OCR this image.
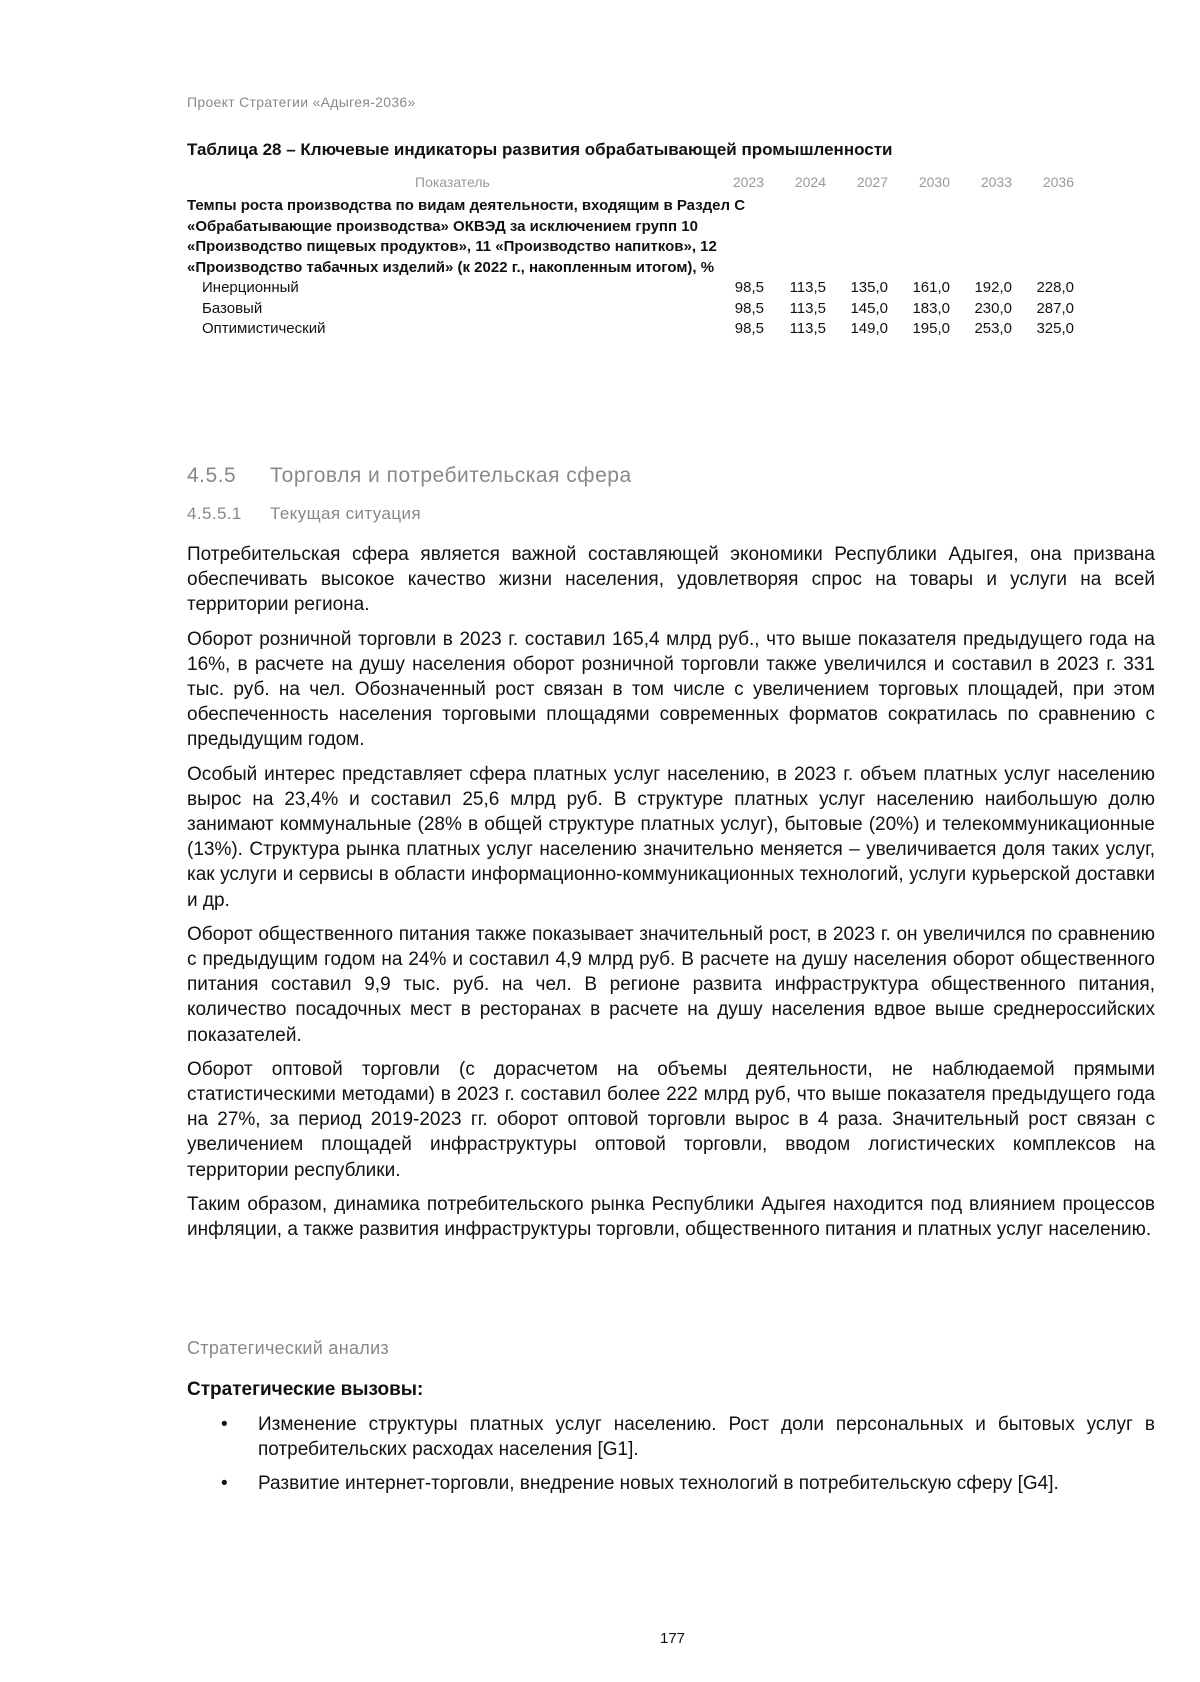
Проект Стратегии «Адыгея-2036»
Таблица 28 – Ключевые индикаторы развития обрабатывающей промышленности
Показатель	2023	2024	2027	2030	2033	2036
Темпы роста производства по видам деятельности, входящим в Раздел С «Обрабатывающие производства» ОКВЭД за исключением групп 10 «Производство пищевых продуктов», 11 «Производство напитков», 12 «Производство табачных изделий» (к 2022 г., накопленным итогом), %
Инерционный	98,5	113,5	135,0	161,0	192,0	228,0
Базовый	98,5	113,5	145,0	183,0	230,0	287,0
Оптимистический	98,5	113,5	149,0	195,0	253,0	325,0
4.5.5 Торговля и потребительская сфера
4.5.5.1 Текущая ситуация

Потребительская сфера является важной составляющей экономики Республики Адыгея, она призвана обеспечивать высокое качество жизни населения, удовлетворяя спрос на товары и услуги на всей территории региона.

Оборот розничной торговли в 2023 г. составил 165,4 млрд руб., что выше показателя предыдущего года на 16%, в расчете на душу населения оборот розничной торговли также увеличился и составил в 2023 г. 331 тыс. руб. на чел. Обозначенный рост связан в том числе с увеличением торговых площадей, при этом обеспеченность населения торговыми площадями современных форматов сократилась по сравнению с предыдущим годом.

Особый интерес представляет сфера платных услуг населению, в 2023 г. объем платных услуг населению вырос на 23,4% и составил 25,6 млрд руб. В структуре платных услуг населению наибольшую долю занимают коммунальные (28% в общей структуре платных услуг), бытовые (20%) и телекоммуникационные (13%). Структура рынка платных услуг населению значительно меняется – увеличивается доля таких услуг, как услуги и сервисы в области информационно-коммуникационных технологий, услуги курьерской доставки и др.

Оборот общественного питания также показывает значительный рост, в 2023 г. он увеличился по сравнению с предыдущим годом на 24% и составил 4,9 млрд руб. В расчете на душу населения оборот общественного питания составил 9,9 тыс. руб. на чел. В регионе развита инфраструктура общественного питания, количество посадочных мест в ресторанах в расчете на душу населения вдвое выше среднероссийских показателей.

Оборот оптовой торговли (с дорасчетом на объемы деятельности, не наблюдаемой прямыми статистическими методами) в 2023 г. составил более 222 млрд руб, что выше показателя предыдущего года на 27%, за период 2019-2023 гг. оборот оптовой торговли вырос в 4 раза. Значительный рост связан с увеличением площадей инфраструктуры оптовой торговли, вводом логистических комплексов на территории республики.

Таким образом, динамика потребительского рынка Республики Адыгея находится под влиянием процессов инфляции, а также развития инфраструктуры торговли, общественного питания и платных услуг населению.

Стратегический анализ
Стратегические вызовы:
• Изменение структуры платных услуг населению. Рост доли персональных и бытовых услуг в потребительских расходах населения [G1].
• Развитие интернет-торговли, внедрение новых технологий в потребительскую сферу [G4].
177
